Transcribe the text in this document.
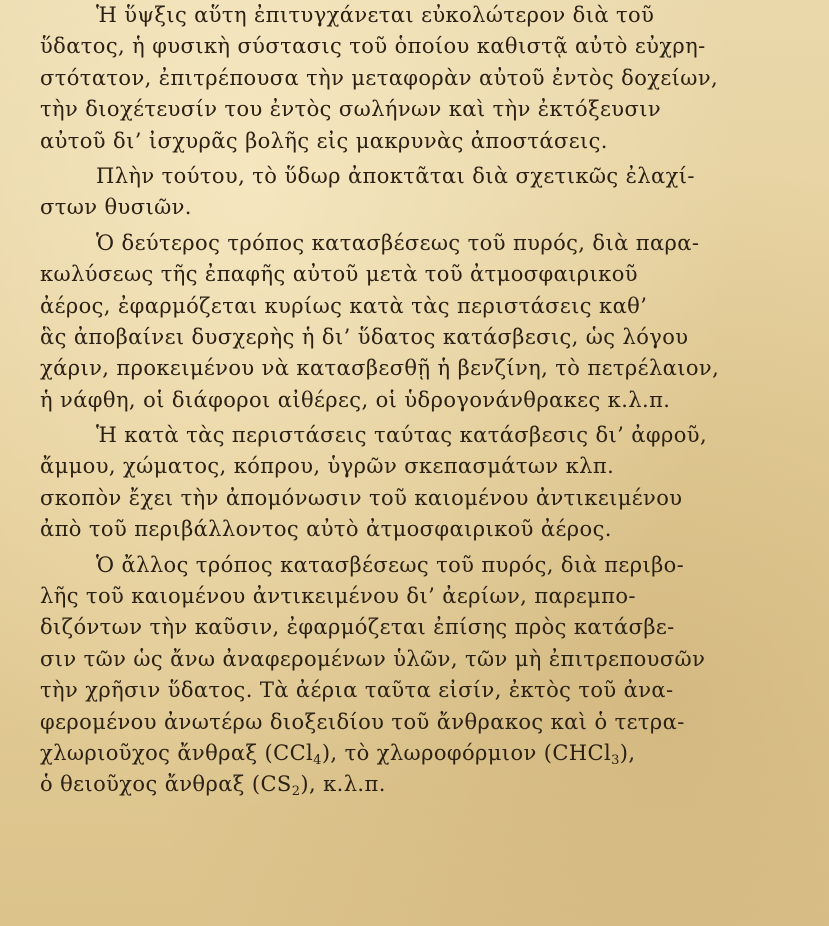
Ἡ ὕψξις αὕτη ἐπιτυγχάνεται εὐκολώτερον διὰ τοῦ
ὕδατος, ἡ φυσικὴ σύστασις τοῦ ὁποίου καθιστᾷ αὐτὸ εὐχρη-
στότατον, ἐπιτρέπουσα τὴν μεταφορὰν αὐτοῦ ἐντὸς δοχείων,
τὴν διοχέτευσίν του ἐντὸς σωλήνων καὶ τὴν ἐκτόξευσιν
αὐτοῦ δι’ ἰσχυρᾶς βολῆς εἰς μακρυνὰς ἀποστάσεις.
Πλὴν τούτου, τὸ ὕδωρ ἀποκτᾶται διὰ σχετικῶς ἐλαχί-
στων θυσιῶν.
Ὁ δεύτερος τρόπος κατασβέσεως τοῦ πυρός, διὰ παρα-
κωλύσεως τῆς ἐπαφῆς αὐτοῦ μετὰ τοῦ ἀτμοσφαιρικοῦ
ἀέρος, ἐφαρμόζεται κυρίως κατὰ τὰς περιστάσεις καθ’
ἃς ἀποβαίνει δυσχερὴς ἡ δι’ ὕδατος κατάσβεσις, ὡς λόγου
χάριν, προκειμένου νὰ κατασβεσθῇ ἡ βενζίνη, τὸ πετρέλαιον,
ἡ νάφθη, οἱ διάφοροι αἰθέρες, οἱ ὑδρογονάνθρακες κ.λ.π.
Ἡ κατὰ τὰς περιστάσεις ταύτας κατάσβεσις δι’ ἀφροῦ,
ἄμμου, χώματος, κόπρου, ὑγρῶν σκεπασμάτων κλπ.
σκοπὸν ἔχει τὴν ἀπομόνωσιν τοῦ καιομένου ἀντικειμένου
ἀπὸ τοῦ περιβάλλοντος αὐτὸ ἀτμοσφαιρικοῦ ἀέρος.
Ὁ ἄλλος τρόπος κατασβέσεως τοῦ πυρός, διὰ περιβο-
λῆς τοῦ καιομένου ἀντικειμένου δι’ ἀερίων, παρεμπο-
διζόντων τὴν καῦσιν, ἐφαρμόζεται ἐπίσης πρὸς κατάσβε-
σιν τῶν ὡς ἄνω ἀναφερομένων ὑλῶν, τῶν μὴ ἐπιτρεπουσῶν
τὴν χρῆσιν ὕδατος. Τὰ ἀέρια ταῦτα εἰσίν, ἐκτὸς τοῦ ἀνα-
φερομένου ἀνωτέρω διοξειδίου τοῦ ἄνθρακος καὶ ὁ τετρα-
χλωριοῦχος ἄνθραξ (CCl$_4$), τὸ χλωροφόρμιον (CHCl$_3$),
ὁ θειοῦχος ἄνθραξ $(CS_2)$, κ.λ.π.
